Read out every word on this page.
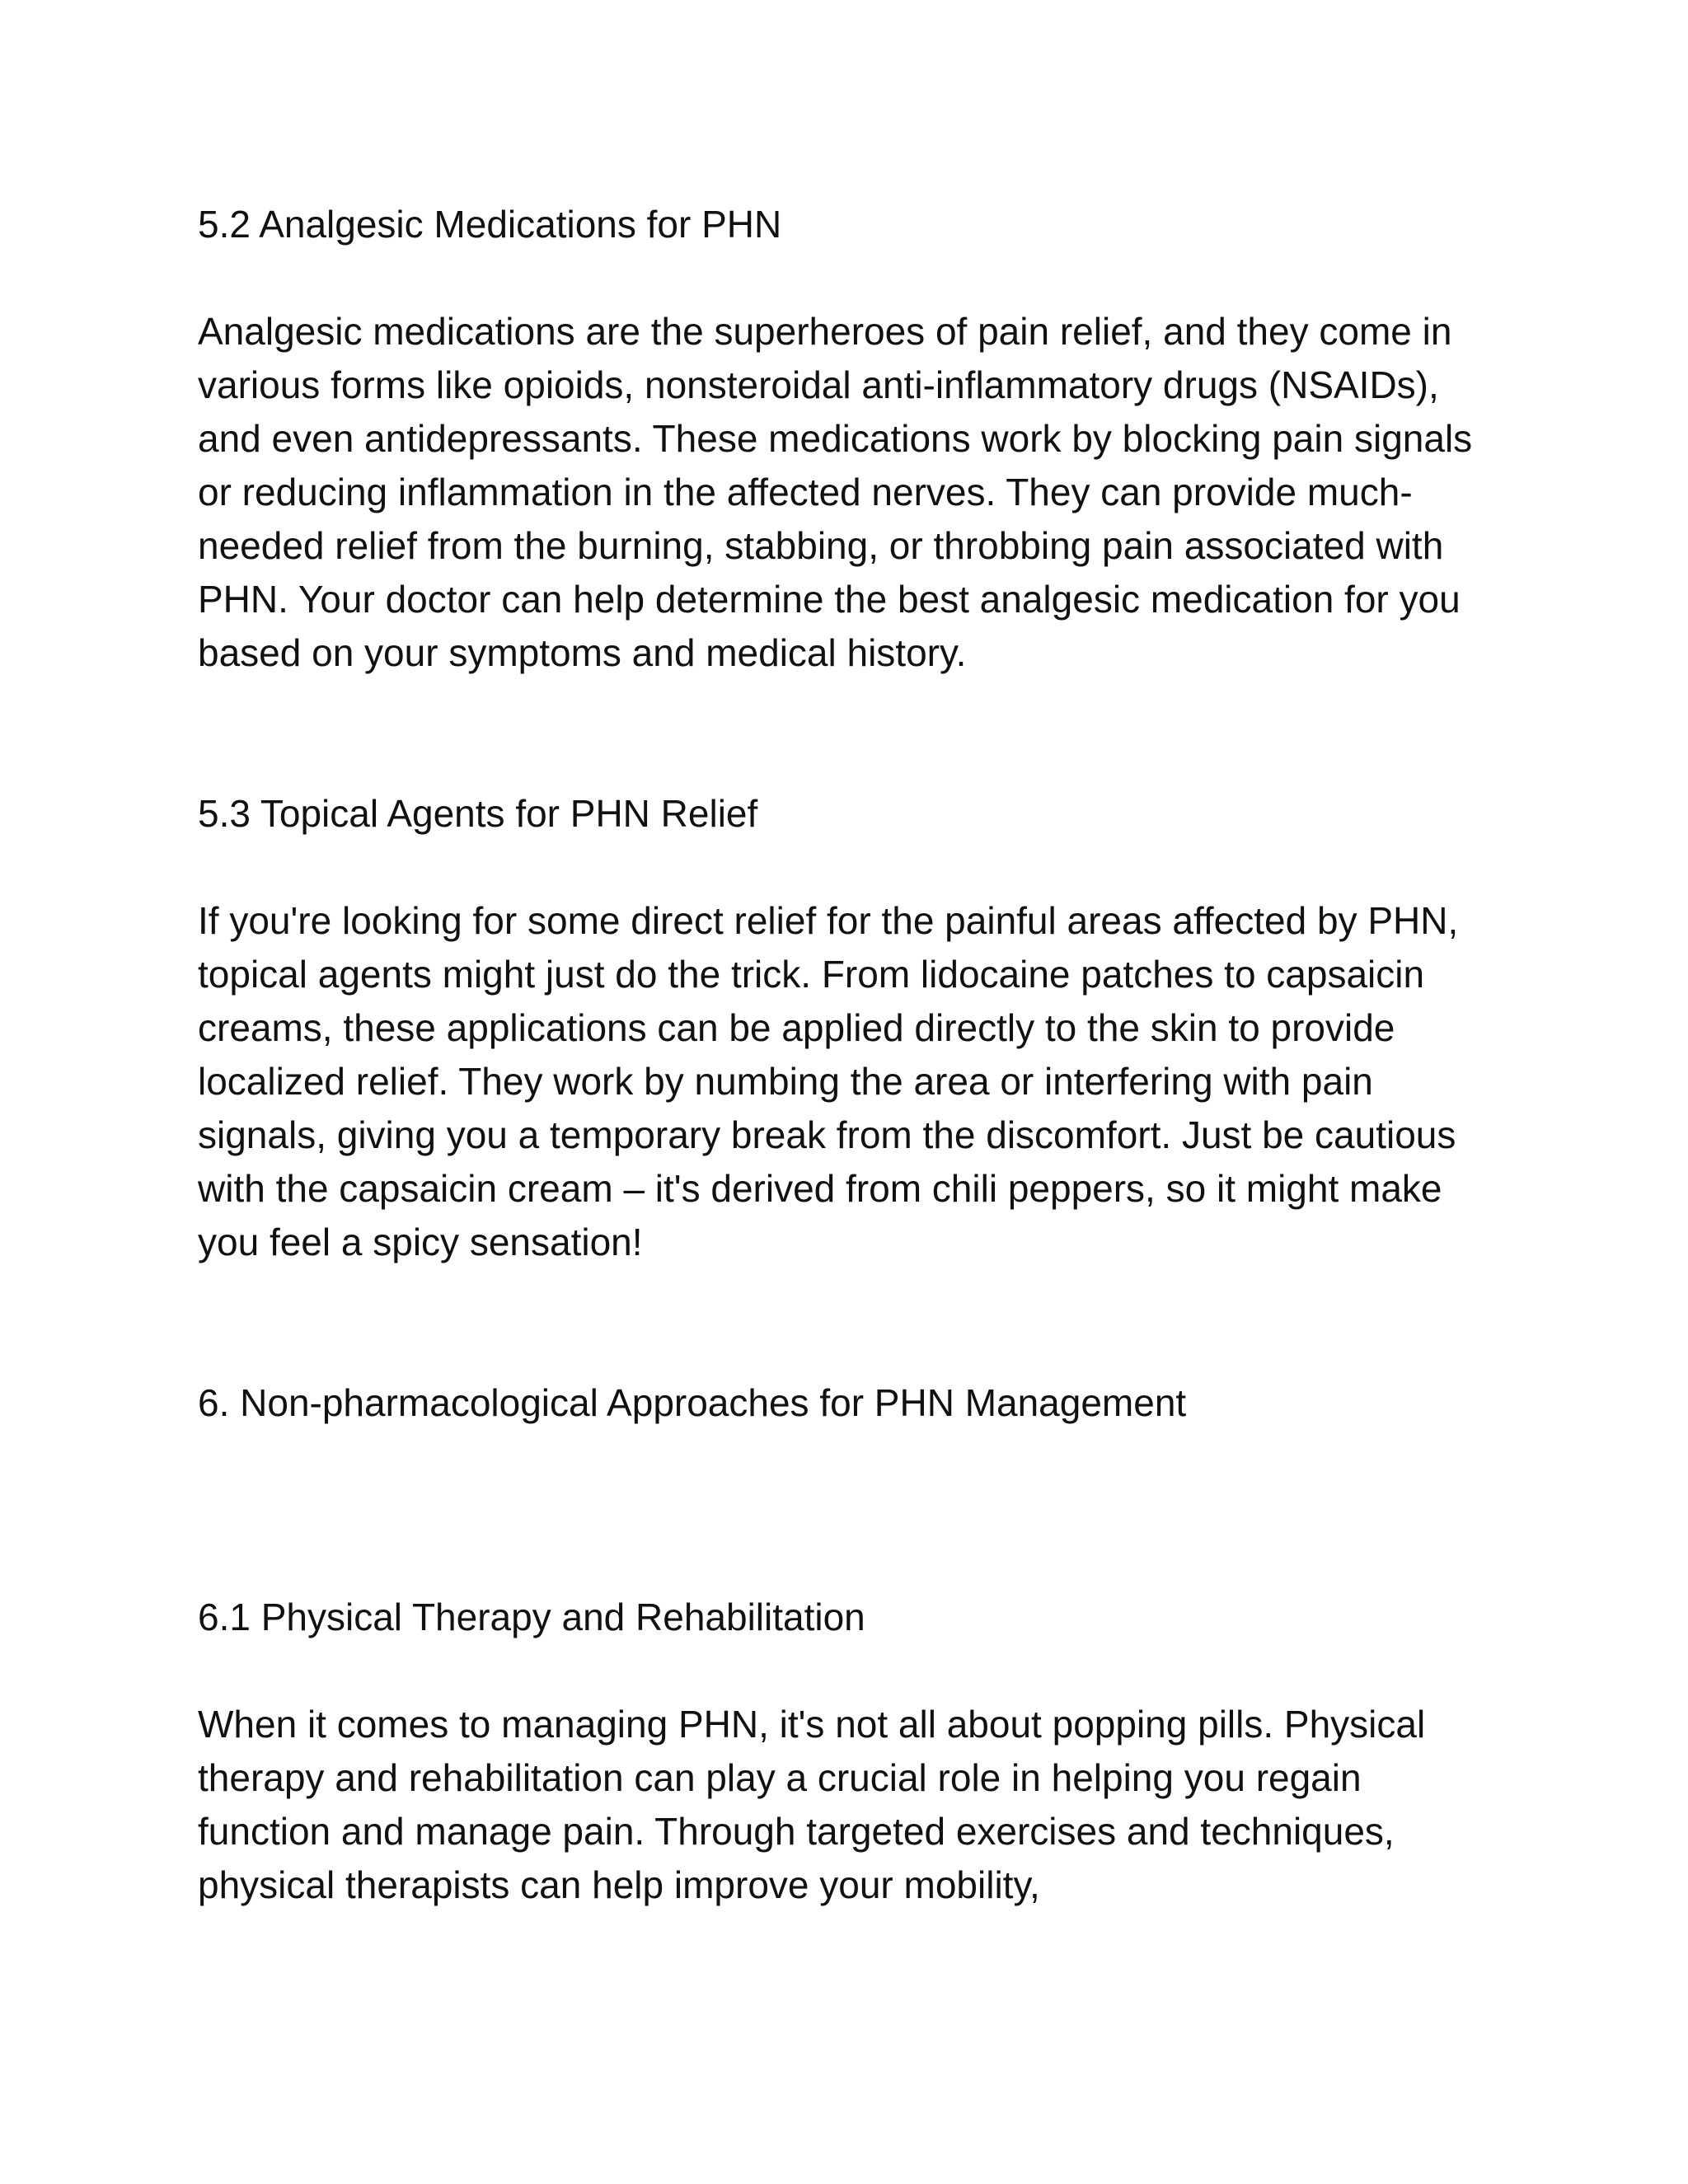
5.2 Analgesic Medications for PHN

Analgesic medications are the superheroes of pain relief, and they come in various forms like opioids, nonsteroidal anti-inflammatory drugs (NSAIDs), and even antidepressants. These medications work by blocking pain signals or reducing inflammation in the affected nerves. They can provide much-needed relief from the burning, stabbing, or throbbing pain associated with PHN. Your doctor can help determine the best analgesic medication for you based on your symptoms and medical history.

5.3 Topical Agents for PHN Relief

If you're looking for some direct relief for the painful areas affected by PHN, topical agents might just do the trick. From lidocaine patches to capsaicin creams, these applications can be applied directly to the skin to provide localized relief. They work by numbing the area or interfering with pain signals, giving you a temporary break from the discomfort. Just be cautious with the capsaicin cream – it's derived from chili peppers, so it might make you feel a spicy sensation!

6. Non-pharmacological Approaches for PHN Management
6.1 Physical Therapy and Rehabilitation

When it comes to managing PHN, it's not all about popping pills. Physical therapy and rehabilitation can play a crucial role in helping you regain function and manage pain. Through targeted exercises and techniques, physical therapists can help improve your mobility,
